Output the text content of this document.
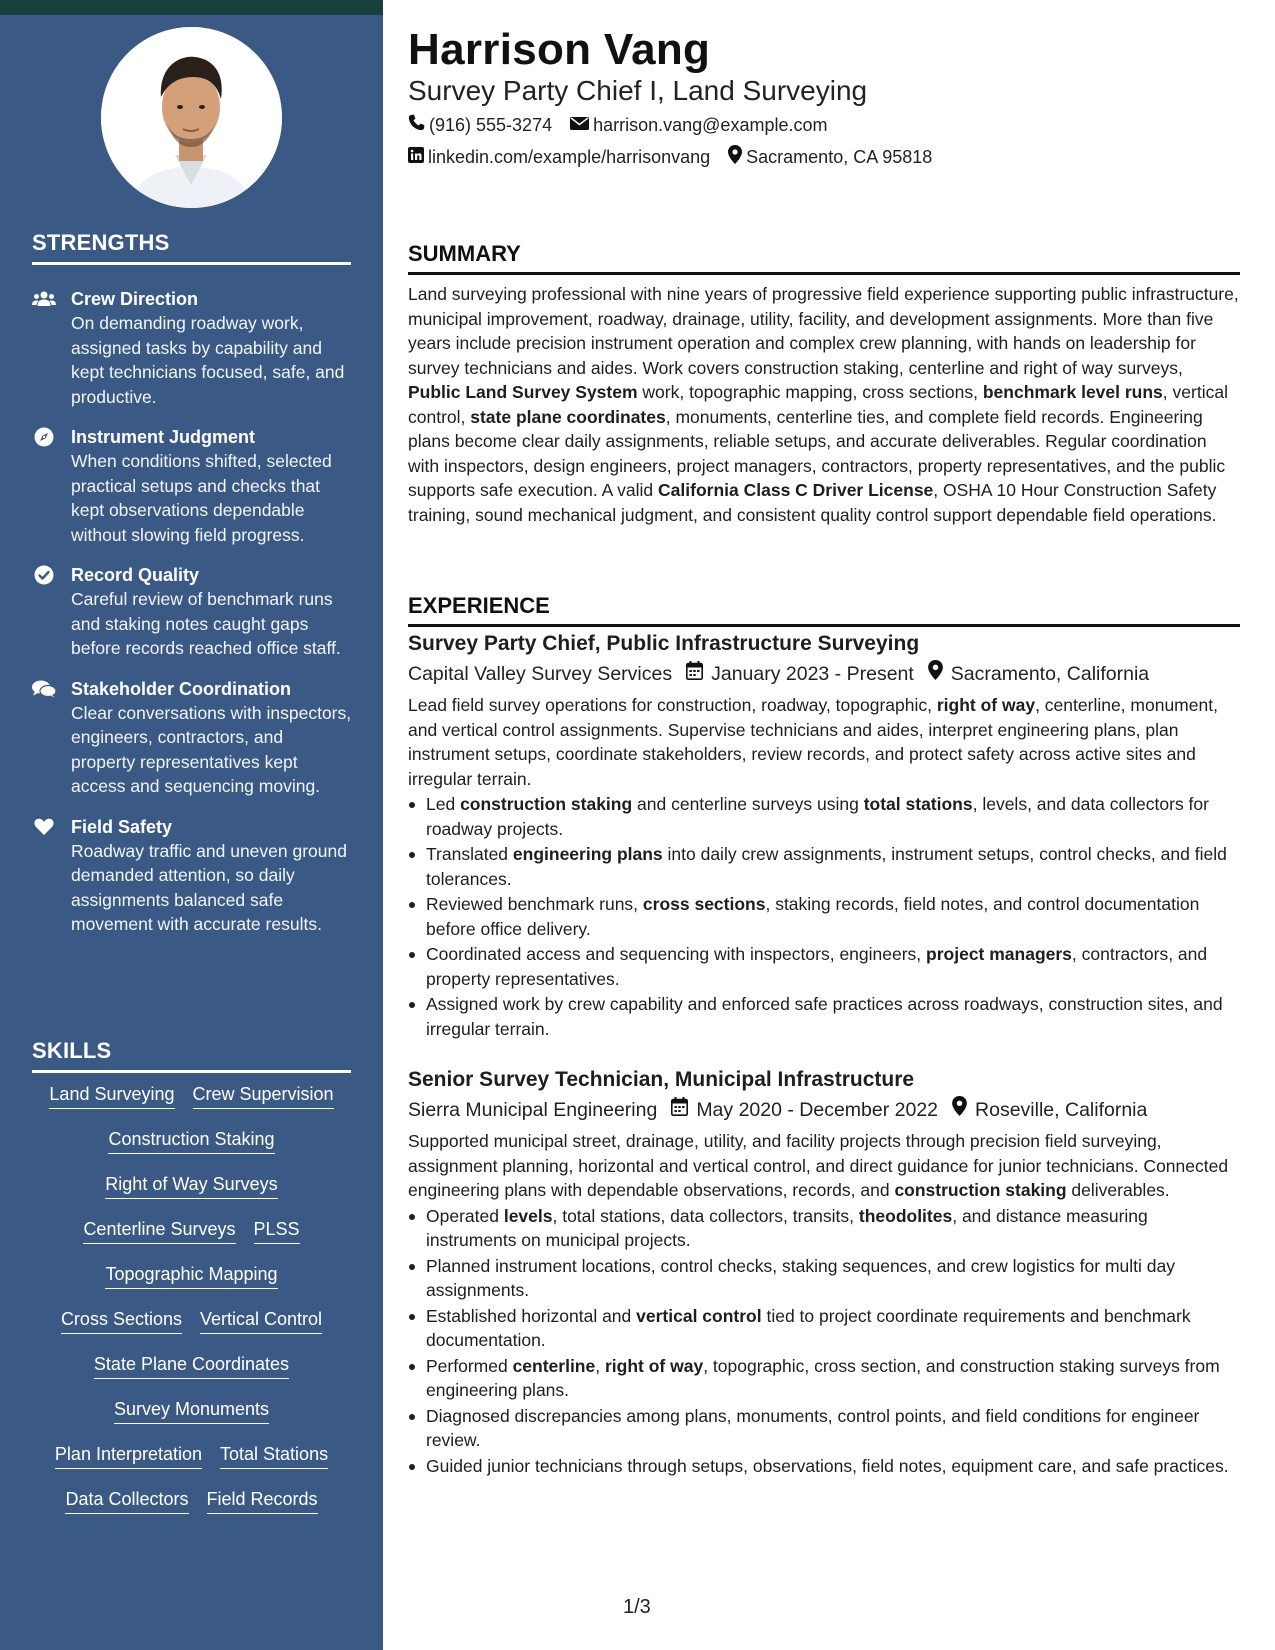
STRENGTHS
Crew Direction
On demanding roadway work, assigned tasks by capability and kept technicians focused, safe, and productive.
Instrument Judgment
When conditions shifted, selected practical setups and checks that kept observations dependable without slowing field progress.
Record Quality
Careful review of benchmark runs and staking notes caught gaps before records reached office staff.
Stakeholder Coordination
Clear conversations with inspectors, engineers, contractors, and property representatives kept access and sequencing moving.
Field Safety
Roadway traffic and uneven ground demanded attention, so daily assignments balanced safe movement with accurate results.
SKILLS
Land Surveying Crew Supervision
Construction Staking
Right of Way Surveys
Centerline Surveys PLSS
Topographic Mapping
Cross Sections Vertical Control
State Plane Coordinates
Survey Monuments
Plan Interpretation Total Stations
Data Collectors Field Records
Harrison Vang
Survey Party Chief I, Land Surveying
(916) 555-3274 harrison.vang@example.com
linkedin.com/example/harrisonvang Sacramento, CA 95818
SUMMARY
Land surveying professional with nine years of progressive field experience supporting public infrastructure, municipal improvement, roadway, drainage, utility, facility, and development assignments. More than five years include precision instrument operation and complex crew planning, with hands on leadership for survey technicians and aides. Work covers construction staking, centerline and right of way surveys, Public Land Survey System work, topographic mapping, cross sections, benchmark level runs, vertical control, state plane coordinates, monuments, centerline ties, and complete field records. Engineering plans become clear daily assignments, reliable setups, and accurate deliverables. Regular coordination with inspectors, design engineers, project managers, contractors, property representatives, and the public supports safe execution. A valid California Class C Driver License, OSHA 10 Hour Construction Safety training, sound mechanical judgment, and consistent quality control support dependable field operations.
EXPERIENCE
Survey Party Chief, Public Infrastructure Surveying
Capital Valley Survey Services January 2023 - Present Sacramento, California
Lead field survey operations for construction, roadway, topographic, right of way, centerline, monument, and vertical control assignments. Supervise technicians and aides, interpret engineering plans, plan instrument setups, coordinate stakeholders, review records, and protect safety across active sites and irregular terrain.
Led construction staking and centerline surveys using total stations, levels, and data collectors for roadway projects.
Translated engineering plans into daily crew assignments, instrument setups, control checks, and field tolerances.
Reviewed benchmark runs, cross sections, staking records, field notes, and control documentation before office delivery.
Coordinated access and sequencing with inspectors, engineers, project managers, contractors, and property representatives.
Assigned work by crew capability and enforced safe practices across roadways, construction sites, and irregular terrain.
Senior Survey Technician, Municipal Infrastructure
Sierra Municipal Engineering May 2020 - December 2022 Roseville, California
Supported municipal street, drainage, utility, and facility projects through precision field surveying, assignment planning, horizontal and vertical control, and direct guidance for junior technicians. Connected engineering plans with dependable observations, records, and construction staking deliverables.
Operated levels, total stations, data collectors, transits, theodolites, and distance measuring instruments on municipal projects.
Planned instrument locations, control checks, staking sequences, and crew logistics for multi day assignments.
Established horizontal and vertical control tied to project coordinate requirements and benchmark documentation.
Performed centerline, right of way, topographic, cross section, and construction staking surveys from engineering plans.
Diagnosed discrepancies among plans, monuments, control points, and field conditions for engineer review.
Guided junior technicians through setups, observations, field notes, equipment care, and safe practices.
1/3
